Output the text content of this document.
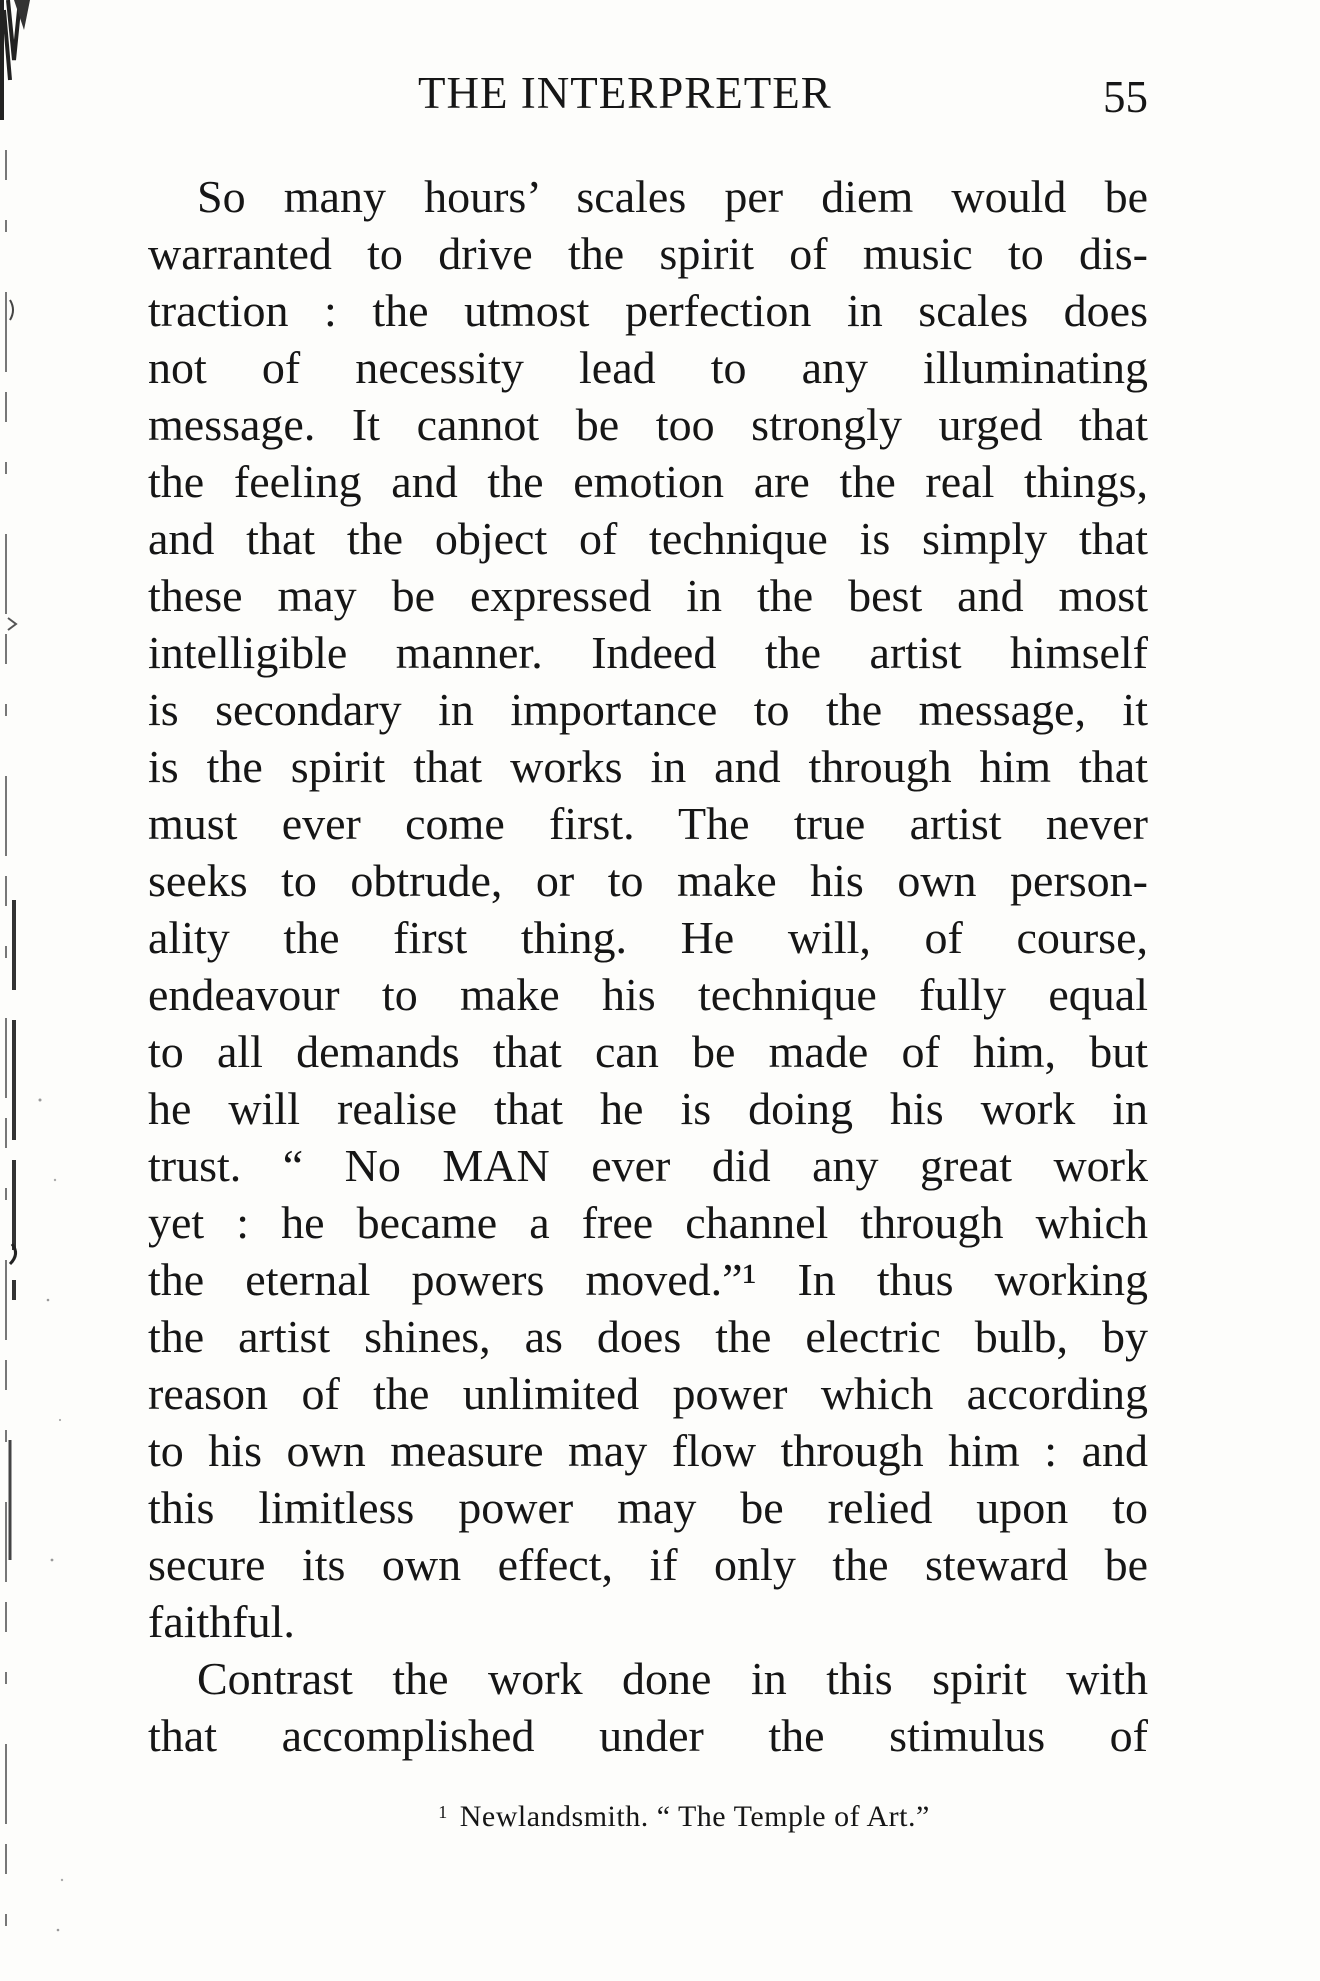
THE INTERPRETER	55
So many hours’ scales per diem would be
warranted to drive the spirit of music to dis-
traction : the utmost perfection in scales does
not of necessity lead to any illuminating
message. It cannot be too strongly urged that
the feeling and the emotion are the real things,
and that the object of technique is simply that
these may be expressed in the best and most
intelligible manner. Indeed the artist himself
is secondary in importance to the message, it
is the spirit that works in and through him that
must ever come first. The true artist never
seeks to obtrude, or to make his own person-
ality the first thing. He will, of course,
endeavour to make his technique fully equal
to all demands that can be made of him, but
he will realise that he is doing his work in
trust. “ No MAN ever did any great work
yet : he became a free channel through which
the eternal powers moved.”¹ In thus working
the artist shines, as does the electric bulb, by
reason of the unlimited power which according
to his own measure may flow through him : and
this limitless power may be relied upon to
secure its own effect, if only the steward be
faithful.
Contrast the work done in this spirit with
that accomplished under the stimulus of
$^1$ Newlandsmith. “ The Temple of Art.”
